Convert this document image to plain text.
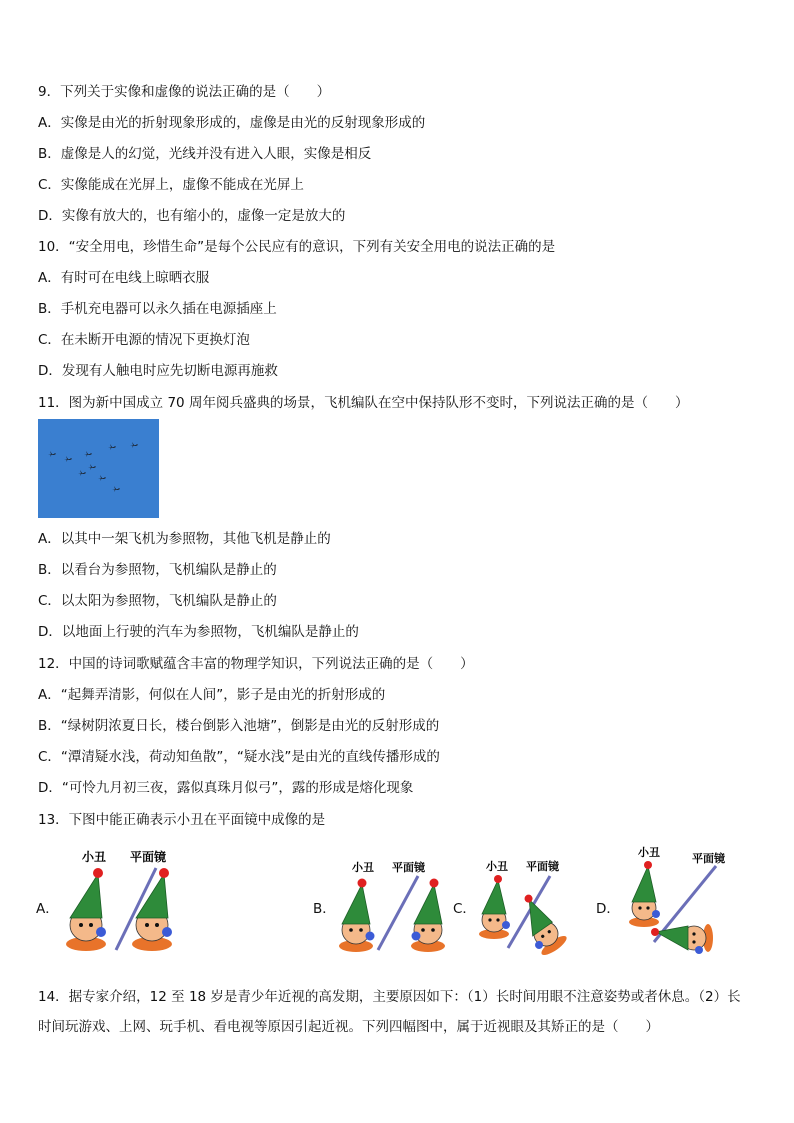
9．下列关于实像和虚像的说法正确的是（　　）
A．实像是由光的折射现象形成的，虚像是由光的反射现象形成的
B．虚像是人的幻觉，光线并没有进入人眼，实像是相反
C．实像能成在光屏上，虚像不能成在光屏上
D．实像有放大的，也有缩小的，虚像一定是放大的
10．“安全用电，珍惜生命”是每个公民应有的意识，下列有关安全用电的说法正确的是
A．有时可在电线上晾晒衣服
B．手机充电器可以永久插在电源插座上
C．在未断开电源的情况下更换灯泡
D．发现有人触电时应先切断电源再施救
11．图为新中国成立 70 周年阅兵盛典的场景，飞机编队在空中保持队形不变时，下列说法正确的是（　　）
A．以其中一架飞机为参照物，其他飞机是静止的
B．以看台为参照物，飞机编队是静止的
C．以太阳为参照物，飞机编队是静止的
D．以地面上行驶的汽车为参照物，飞机编队是静止的
12．中国的诗词歌赋蕴含丰富的物理学知识，下列说法正确的是（　　）
A．“起舞弄清影，何似在人间”，影子是由光的折射形成的
B．“绿树阴浓夏日长，楼台倒影入池塘”，倒影是由光的反射形成的
C．“潭清疑水浅，荷动知鱼散”，“疑水浅”是由光的直线传播形成的
D．“可怜九月初三夜，露似真珠月似弓”，露的形成是熔化现象
13．下图中能正确表示小丑在平面镜中成像的是
A．	B．	C．	D．
小丑 平面镜
小丑 平面镜	小丑 平面镜
小丑	平面镜
14．据专家介绍，12 至 18 岁是青少年近视的高发期，主要原因如下：（1）长时间用眼不注意姿势或者休息。（2）长
时间玩游戏、上网、玩手机、看电视等原因引起近视。下列四幅图中，属于近视眼及其矫正的是（　　）
